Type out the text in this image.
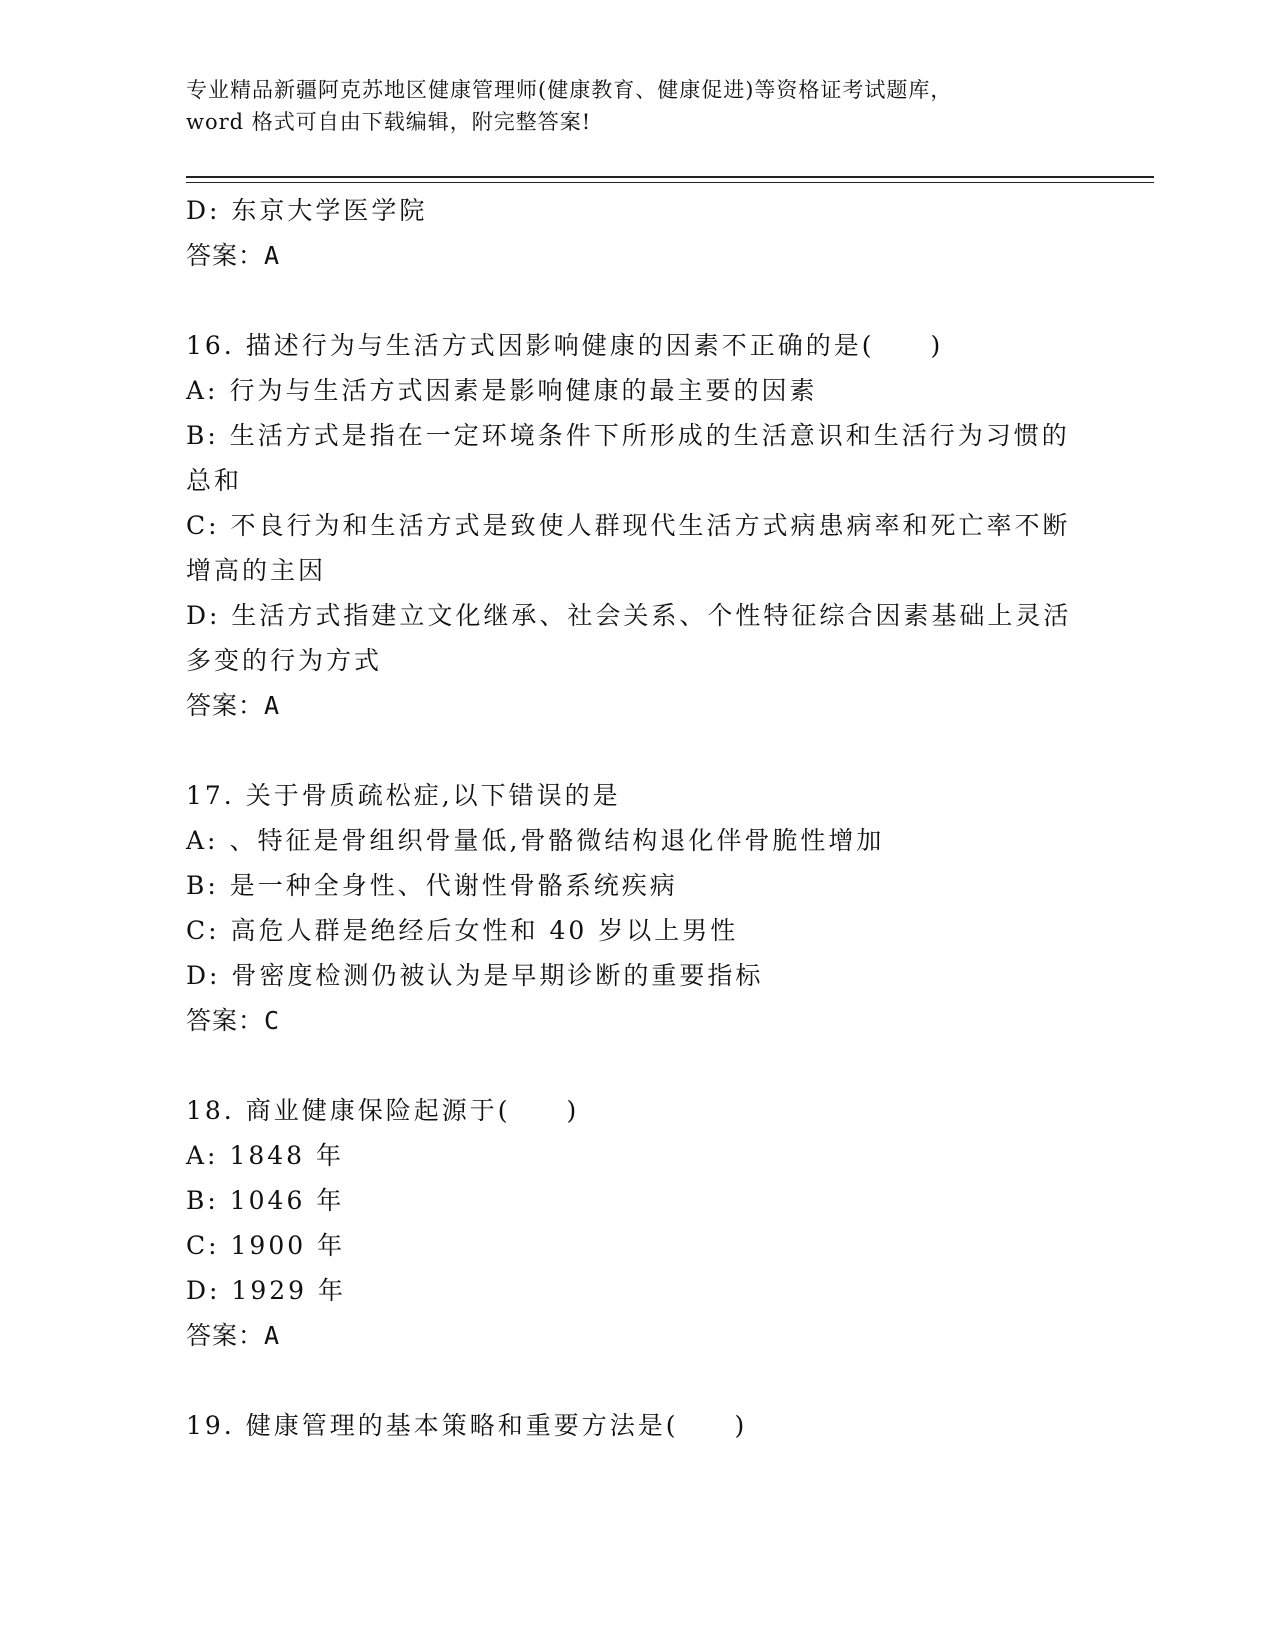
专业精品新疆阿克苏地区健康管理师(健康教育、健康促进)等资格证考试题库，
word 格式可自由下载编辑，附完整答案!
D: 东京大学医学院
答案：A
16. 描述行为与生活方式因影响健康的因素不正确的是(　　)
A: 行为与生活方式因素是影响健康的最主要的因素
B: 生活方式是指在一定环境条件下所形成的生活意识和生活行为习惯的总和
C: 不良行为和生活方式是致使人群现代生活方式病患病率和死亡率不断增高的主因
D: 生活方式指建立文化继承、社会关系、个性特征综合因素基础上灵活多变的行为方式
答案：A
17. 关于骨质疏松症,以下错误的是
A: 、特征是骨组织骨量低,骨骼微结构退化伴骨脆性增加
B: 是一种全身性、代谢性骨骼系统疾病
C: 高危人群是绝经后女性和 40 岁以上男性
D: 骨密度检测仍被认为是早期诊断的重要指标
答案：C
18. 商业健康保险起源于(　　)
A: 1848 年
B: 1046 年
C: 1900 年
D: 1929 年
答案：A
19. 健康管理的基本策略和重要方法是(　　)
